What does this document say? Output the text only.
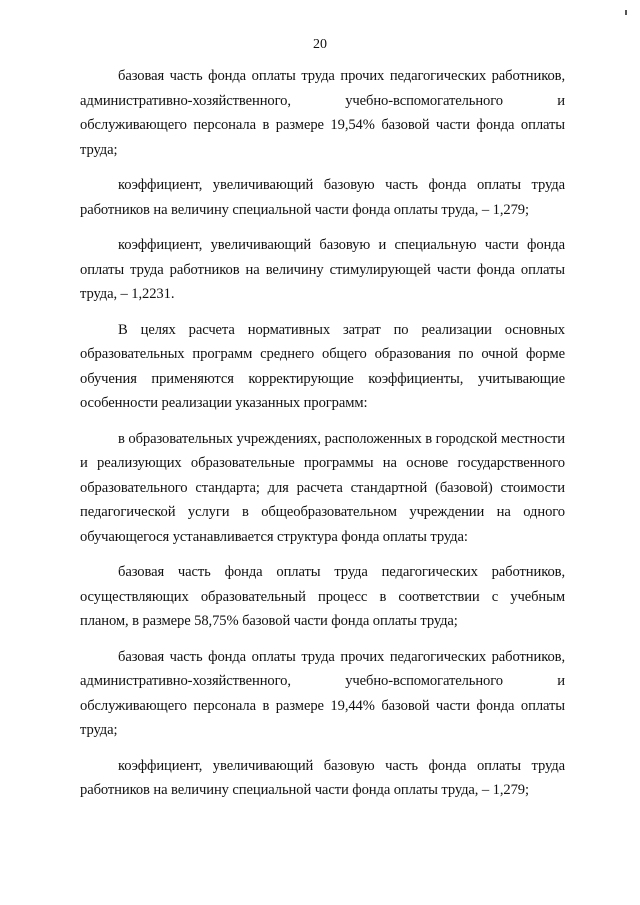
20

базовая часть фонда оплаты труда прочих педагогических работников, административно-хозяйственного, учебно-вспомогательного и обслуживающего персонала в размере 19,54% базовой части фонда оплаты труда;

коэффициент, увеличивающий базовую часть фонда оплаты труда работников на величину специальной части фонда оплаты труда, – 1,279;

коэффициент, увеличивающий базовую и специальную части фонда оплаты труда работников на величину стимулирующей части фонда оплаты труда, – 1,2231.

В целях расчета нормативных затрат по реализации основных образовательных программ среднего общего образования по очной форме обучения применяются корректирующие коэффициенты, учитывающие особенности реализации указанных программ:

в образовательных учреждениях, расположенных в городской местности и реализующих образовательные программы на основе государственного образовательного стандарта; для расчета стандартной (базовой) стоимости педагогической услуги в общеобразовательном учреждении на одного обучающегося устанавливается структура фонда оплаты труда:

базовая часть фонда оплаты труда педагогических работников, осуществляющих образовательный процесс в соответствии с учебным планом, в размере 58,75% базовой части фонда оплаты труда;

базовая часть фонда оплаты труда прочих педагогических работников, административно-хозяйственного, учебно-вспомогательного и обслуживающего персонала в размере 19,44% базовой части фонда оплаты труда;

коэффициент, увеличивающий базовую часть фонда оплаты труда работников на величину специальной части фонда оплаты труда, – 1,279;
